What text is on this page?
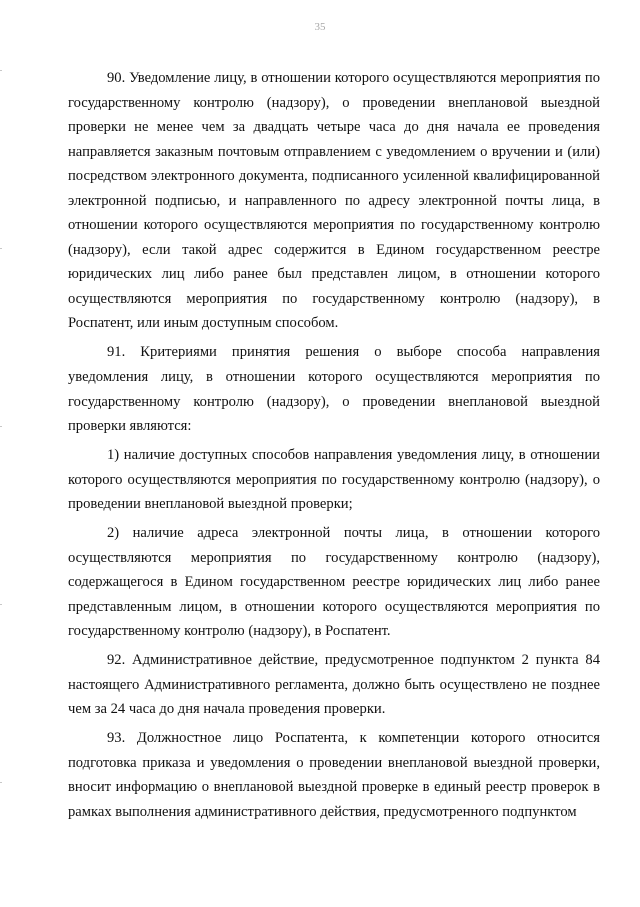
35

90. Уведомление лицу, в отношении которого осуществляются мероприятия по государственному контролю (надзору), о проведении внеплановой выездной проверки не менее чем за двадцать четыре часа до дня начала ее проведения направляется заказным почтовым отправлением с уведомлением о вручении и (или) посредством электронного документа, подписанного усиленной квалифицированной электронной подписью, и направленного по адресу электронной почты лица, в отношении которого осуществляются мероприятия по государственному контролю (надзору), если такой адрес содержится в Едином государственном реестре юридических лиц либо ранее был представлен лицом, в отношении которого осуществляются мероприятия по государственному контролю (надзору), в Роспатент, или иным доступным способом.

91. Критериями принятия решения о выборе способа направления уведомления лицу, в отношении которого осуществляются мероприятия по государственному контролю (надзору), о проведении внеплановой выездной проверки являются:

1) наличие доступных способов направления уведомления лицу, в отношении которого осуществляются мероприятия по государственному контролю (надзору), о проведении внеплановой выездной проверки;

2) наличие адреса электронной почты лица, в отношении которого осуществляются мероприятия по государственному контролю (надзору), содержащегося в Едином государственном реестре юридических лиц либо ранее представленным лицом, в отношении которого осуществляются мероприятия по государственному контролю (надзору), в Роспатент.

92. Административное действие, предусмотренное подпунктом 2 пункта 84 настоящего Административного регламента, должно быть осуществлено не позднее чем за 24 часа до дня начала проведения проверки.

93. Должностное лицо Роспатента, к компетенции которого относится подготовка приказа и уведомления о проведении внеплановой выездной проверки, вносит информацию о внеплановой выездной проверке в единый реестр проверок в рамках выполнения административного действия, предусмотренного подпунктом
